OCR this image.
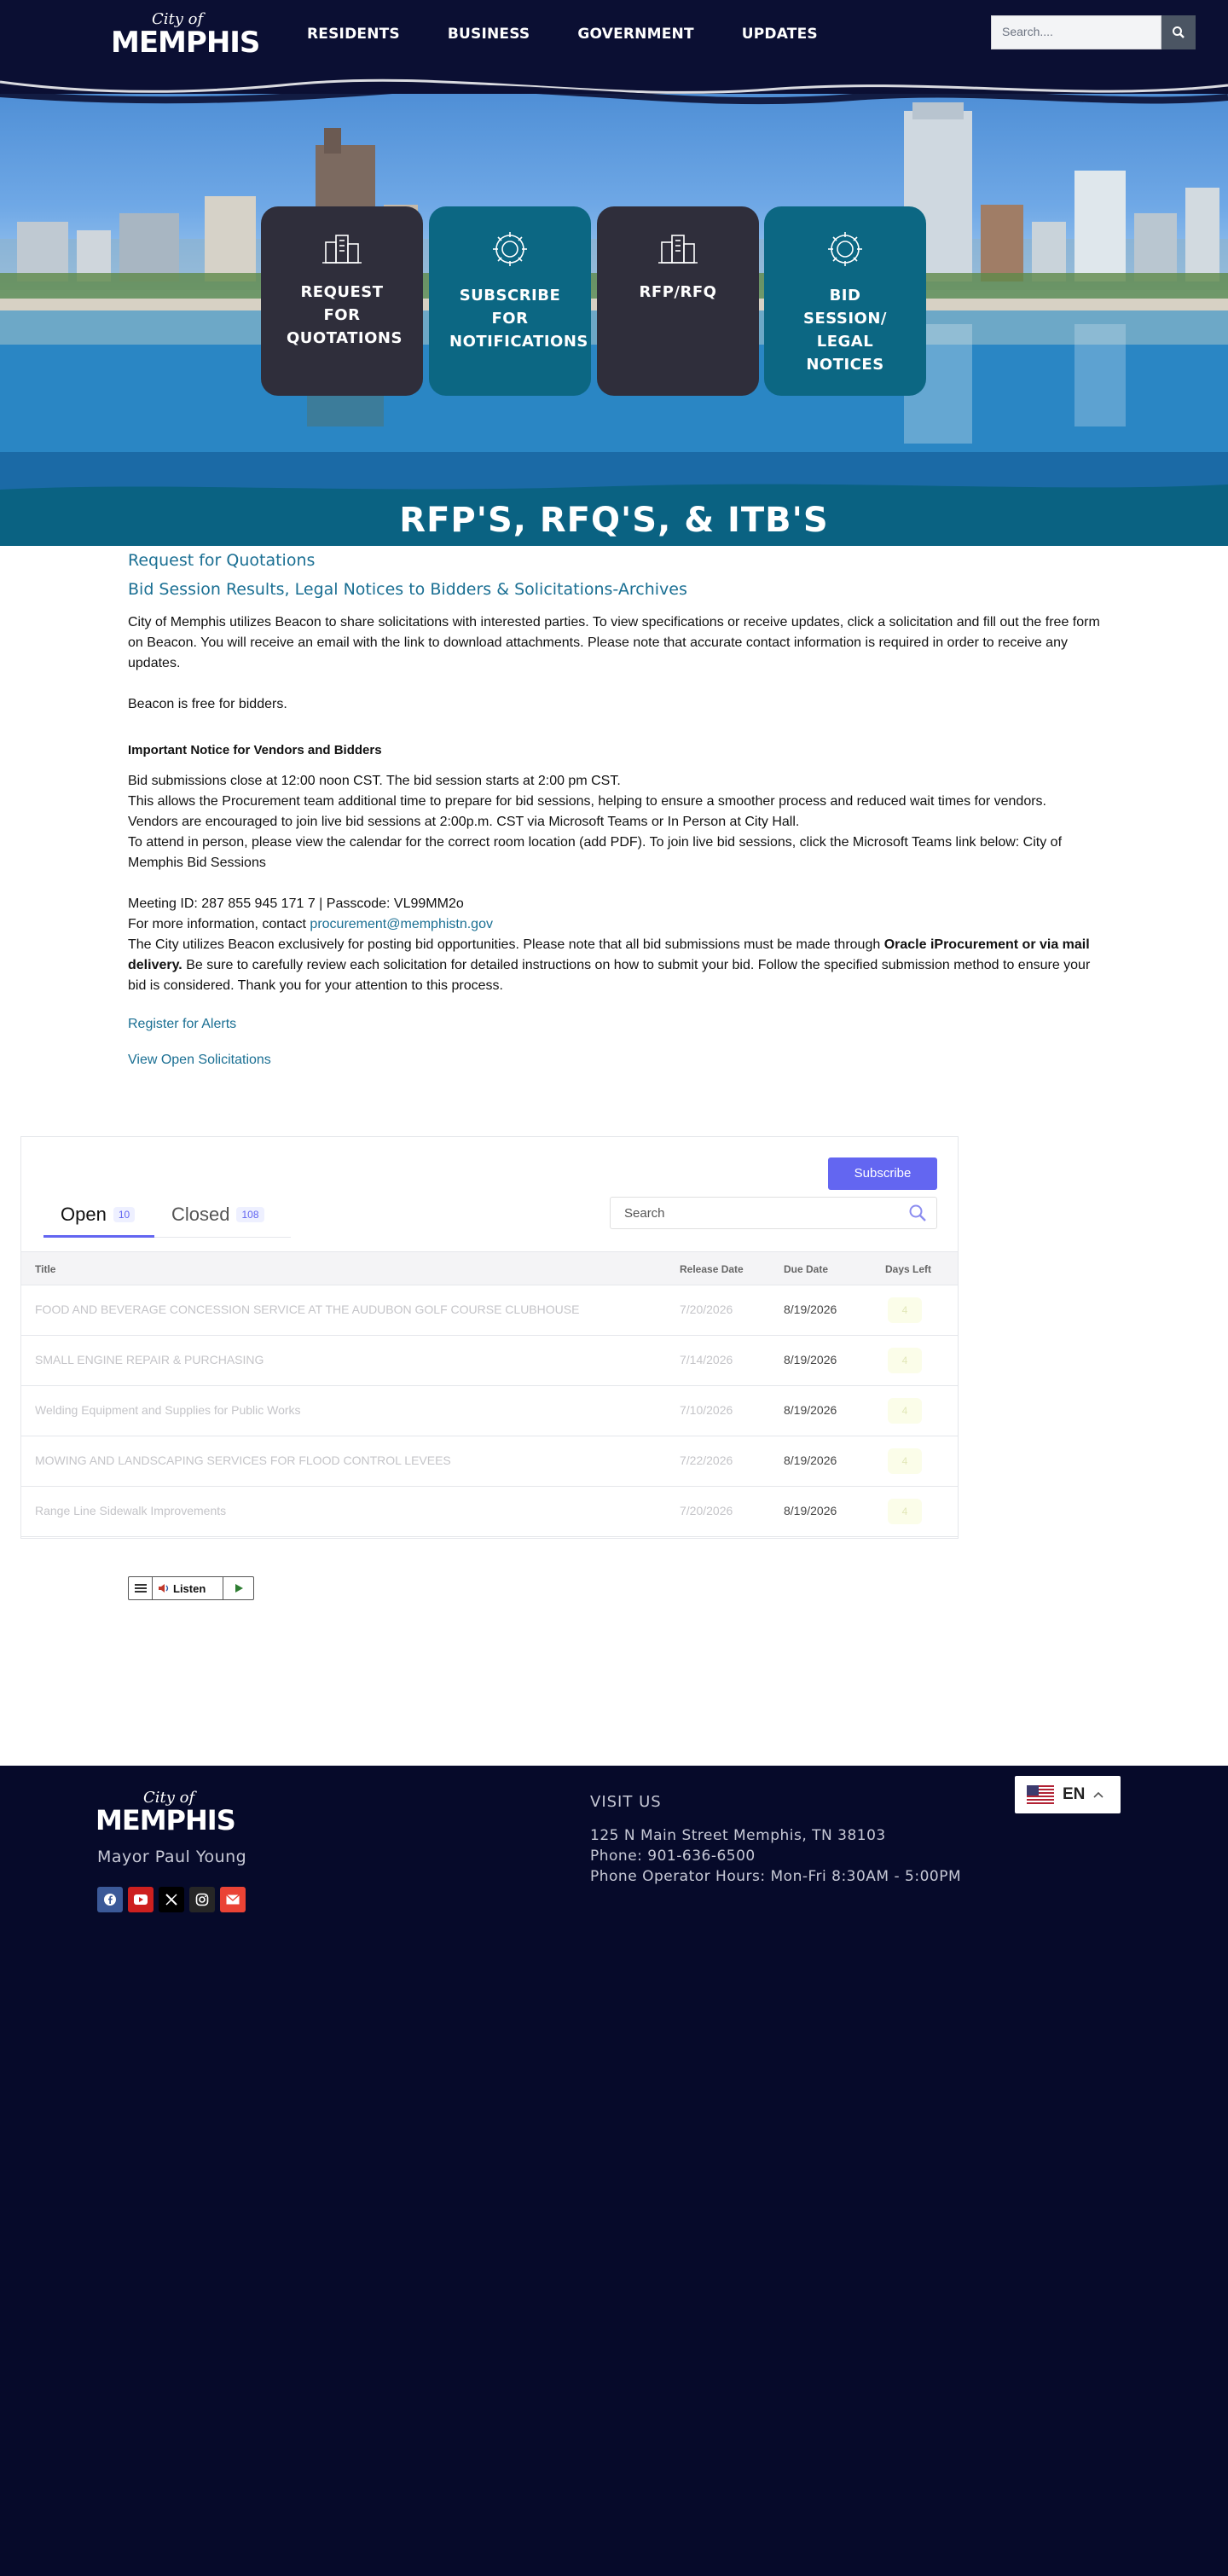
City of
MEMPHIS	RESIDENTS	BUSINESS	GOVERNMENT	UPDATES	Search....
REQUEST FOR QUOTATIONS
SUBSCRIBE FOR NOTIFICATIONS
RFP/RFQ	BID SESSION/ LEGAL NOTICES
RFP'S, RFQ'S, & ITB'S
Request for Quotations
Bid Session Results, Legal Notices to Bidders & Solicitations-Archives

City of Memphis utilizes Beacon to share solicitations with interested parties. To view specifications or receive updates, click a solicitation and fill out the free form on Beacon. You will receive an email with the link to download attachments. Please note that accurate contact information is required in order to receive any updates.

Beacon is free for bidders.

Important Notice for Vendors and Bidders

Bid submissions close at 12:00 noon CST. The bid session starts at 2:00 pm CST.

This allows the Procurement team additional time to prepare for bid sessions, helping to ensure a smoother process and reduced wait times for vendors.

Vendors are encouraged to join live bid sessions at 2:00p.m. CST via Microsoft Teams or In Person at City Hall.

To attend in person, please view the calendar for the correct room location (add PDF). To join live bid sessions, click the Microsoft Teams link below: City of Memphis Bid Sessions

Meeting ID: 287 855 945 171 7 | Passcode: VL99MM2o

For more information, contact procurement@memphistn.gov

The City utilizes Beacon exclusively for posting bid opportunities. Please note that all bid submissions must be made through Oracle iProcurement or via mail delivery. Be sure to carefully review each solicitation for detailed instructions on how to submit your bid. Follow the specified submission method to ensure your bid is considered. Thank you for your attention to this process.

Register for Alerts

View Open Solicitations

Subscribe
Open 10	Closed 108	Search
Title	Release Date	Due Date	Days Left
FOOD AND BEVERAGE CONCESSION SERVICE AT THE AUDUBON GOLF COURSE CLUBHOUSE	7/20/2026	8/19/2026	4
SMALL ENGINE REPAIR & PURCHASING	7/14/2026	8/19/2026	4
Welding Equipment and Supplies for Public Works	7/10/2026	8/19/2026	4
MOWING AND LANDSCAPING SERVICES FOR FLOOD CONTROL LEVEES	7/22/2026	8/19/2026	4
Range Line Sidewalk Improvements	7/20/2026	8/19/2026	4
Listen
City of
MEMPHIS
Mayor Paul Young
VISIT US
125 N Main Street Memphis, TN 38103
Phone: 901-636-6500
Phone Operator Hours: Mon-Fri 8:30AM - 5:00PM
EN
